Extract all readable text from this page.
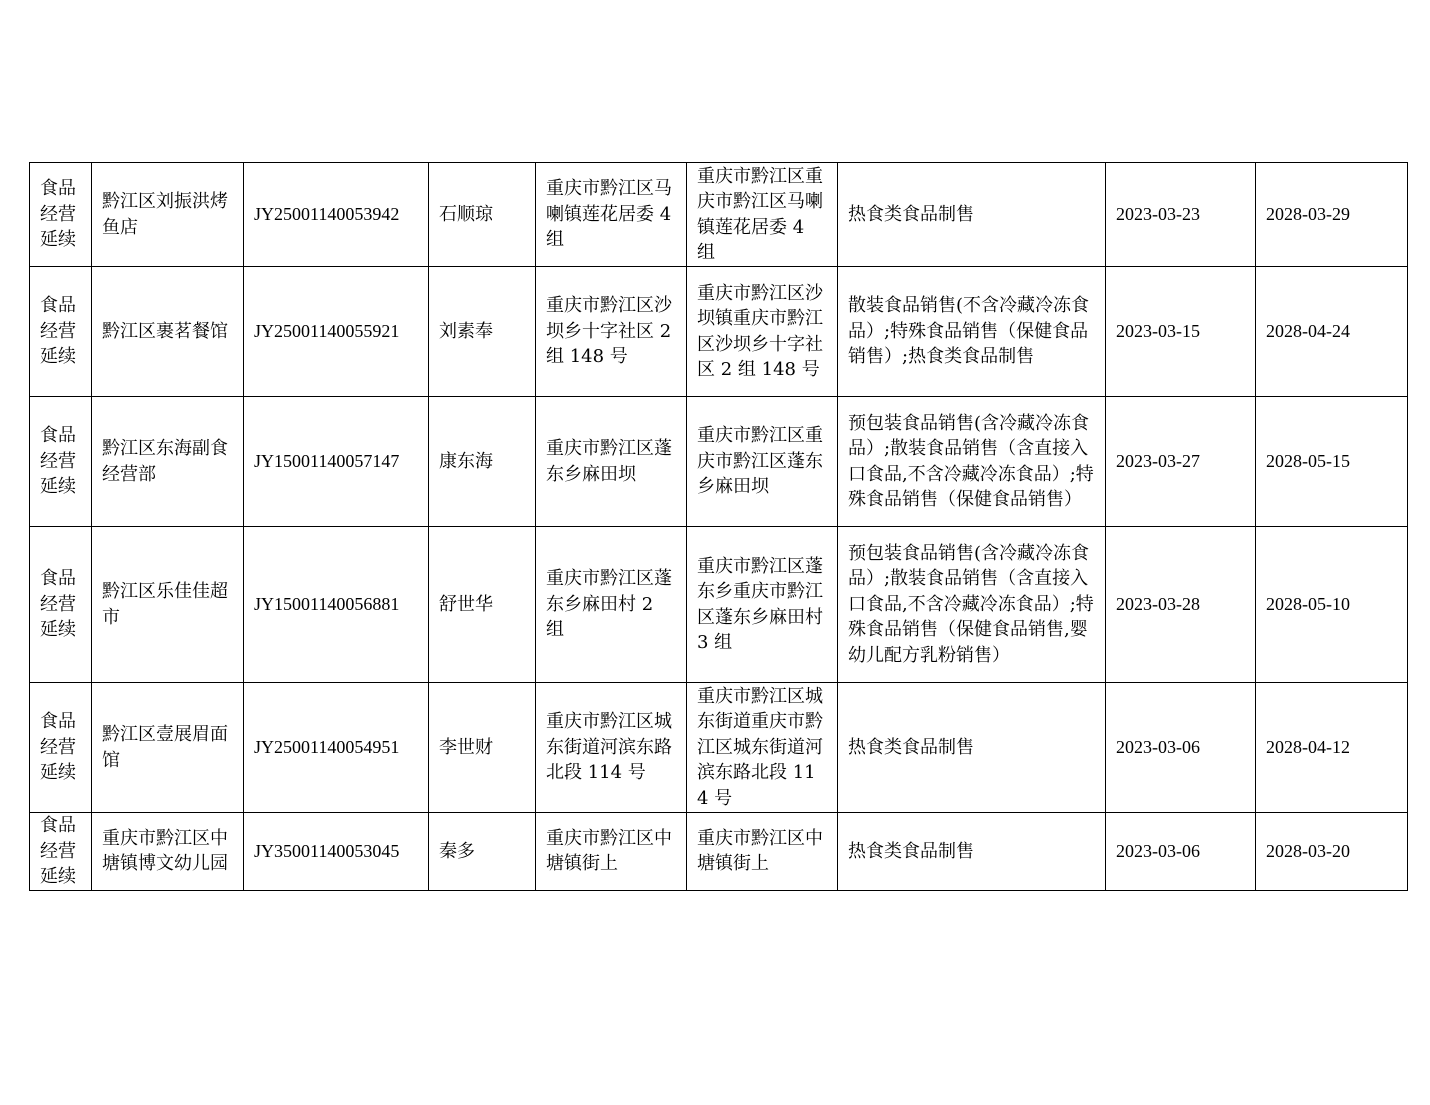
食品经营延续	黔江区刘振洪烤鱼店	JY25001140053942	石顺琼	重庆市黔江区马喇镇莲花居委 4 组	重庆市黔江区重庆市黔江区马喇镇莲花居委 4 组	热食类食品制售	2023-03-23	2028-03-29
食品经营延续	黔江区裹茗餐馆	JY25001140055921	刘素奉	重庆市黔江区沙坝乡十字社区 2 组 148 号	重庆市黔江区沙坝镇重庆市黔江区沙坝乡十字社区 2 组 148 号	散装食品销售(不含冷藏冷冻食品）;特殊食品销售（保健食品销售）;热食类食品制售	2023-03-15	2028-04-24
食品经营延续	黔江区东海副食经营部	JY15001140057147	康东海	重庆市黔江区蓬东乡麻田坝	重庆市黔江区重庆市黔江区蓬东乡麻田坝	预包装食品销售(含冷藏冷冻食品）;散装食品销售（含直接入口食品,不含冷藏冷冻食品）;特殊食品销售（保健食品销售）	2023-03-27	2028-05-15
食品经营延续	黔江区乐佳佳超市	JY15001140056881	舒世华	重庆市黔江区蓬东乡麻田村 2 组	重庆市黔江区蓬东乡重庆市黔江区蓬东乡麻田村 3 组	预包装食品销售(含冷藏冷冻食品）;散装食品销售（含直接入口食品,不含冷藏冷冻食品）;特殊食品销售（保健食品销售,婴幼儿配方乳粉销售）	2023-03-28	2028-05-10
食品经营延续	黔江区壹展眉面馆	JY25001140054951	李世财	重庆市黔江区城东街道河滨东路北段 114 号	重庆市黔江区城东街道重庆市黔江区城东街道河滨东路北段 114 号	热食类食品制售	2023-03-06	2028-04-12
食品经营延续	重庆市黔江区中塘镇博文幼儿园	JY35001140053045	秦多	重庆市黔江区中塘镇街上	重庆市黔江区中塘镇街上	热食类食品制售	2023-03-06	2028-03-20
